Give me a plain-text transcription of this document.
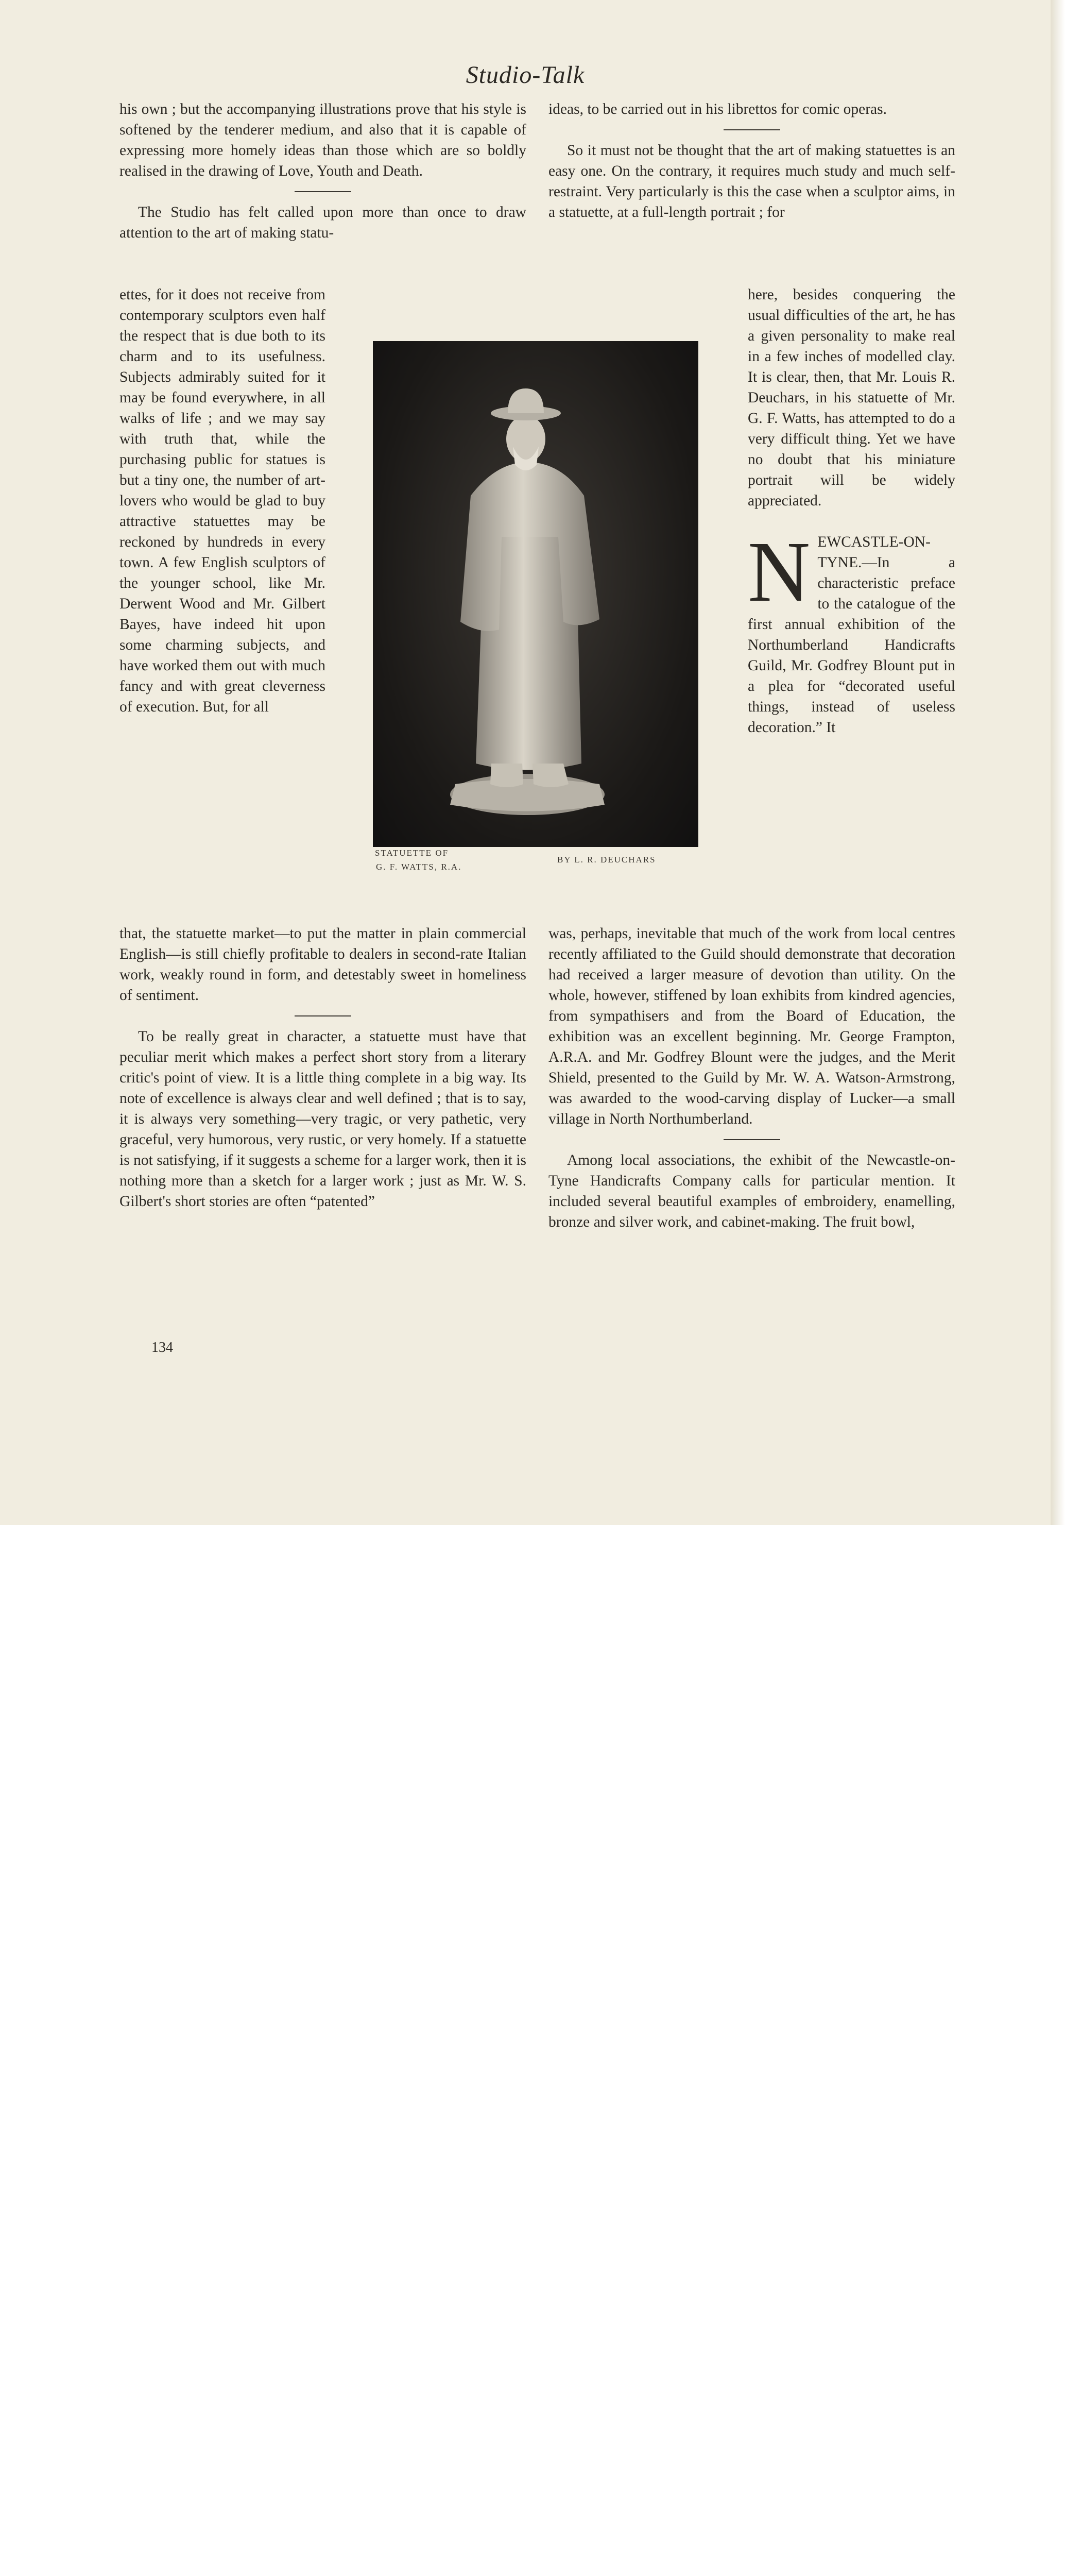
Studio-Talk

his own ; but the accompanying illustrations prove that his style is softened by the tenderer medium, and also that it is capable of expressing more homely ideas than those which are so boldly realised in the drawing of Love, Youth and Death.

The Studio has felt called upon more than once to draw attention to the art of making statu-

ettes, for it does not receive from contemporary sculptors even half the respect that is due both to its charm and to its usefulness. Subjects admirably suited for it may be found everywhere, in all walks of life ; and we may say with truth that, while the purchasing public for statues is but a tiny one, the number of art-lovers who would be glad to buy attractive statuettes may be reckoned by hundreds in every town. A few English sculptors of the younger school, like Mr. Derwent Wood and Mr. Gilbert Bayes, have indeed hit upon some charming subjects, and have worked them out with much fancy and with great cleverness of execution. But, for all

STATUETTE OF
G. F. WATTS, R.A.
BY L. R. DEUCHARS

that, the statuette market—to put the matter in plain commercial English—is still chiefly profitable to dealers in second-rate Italian work, weakly round in form, and detestably sweet in homeliness of sentiment.

To be really great in character, a statuette must have that peculiar merit which makes a perfect short story from a literary critic's point of view. It is a little thing complete in a big way. Its note of excellence is always clear and well defined ; that is to say, it is always very something—very tragic, or very pathetic, very graceful, very humorous, very rustic, or very homely. If a statuette is not satisfying, if it suggests a scheme for a larger work, then it is nothing more than a sketch for a larger work ; just as Mr. W. S. Gilbert's short stories are often “patented”

ideas, to be carried out in his librettos for comic operas.

So it must not be thought that the art of making statuettes is an easy one. On the contrary, it requires much study and much self-restraint. Very particularly is this the case when a sculptor aims, in a statuette, at a full-length portrait ; for

here, besides conquering the usual difficulties of the art, he has a given personality to make real in a few inches of modelled clay. It is clear, then, that Mr. Louis R. Deuchars, in his statuette of Mr. G. F. Watts, has attempted to do a very difficult thing. Yet we have no doubt that his miniature portrait will be widely appreciated.

NEWCASTLE-ON-TYNE.—In a characteristic preface to the catalogue of the first annual exhibition of the Northumberland Handicrafts Guild, Mr. Godfrey Blount put in a plea for “decorated useful things, instead of useless decoration.” It

was, perhaps, inevitable that much of the work from local centres recently affiliated to the Guild should demonstrate that decoration had received a larger measure of devotion than utility. On the whole, however, stiffened by loan exhibits from kindred agencies, from sympathisers and from the Board of Education, the exhibition was an excellent beginning. Mr. George Frampton, A.R.A. and Mr. Godfrey Blount were the judges, and the Merit Shield, presented to the Guild by Mr. W. A. Watson-Armstrong, was awarded to the wood-carving display of Lucker—a small village in North Northumberland.

Among local associations, the exhibit of the Newcastle-on-Tyne Handicrafts Company calls for particular mention. It included several beautiful examples of embroidery, enamelling, bronze and silver work, and cabinet-making. The fruit bowl,

134
